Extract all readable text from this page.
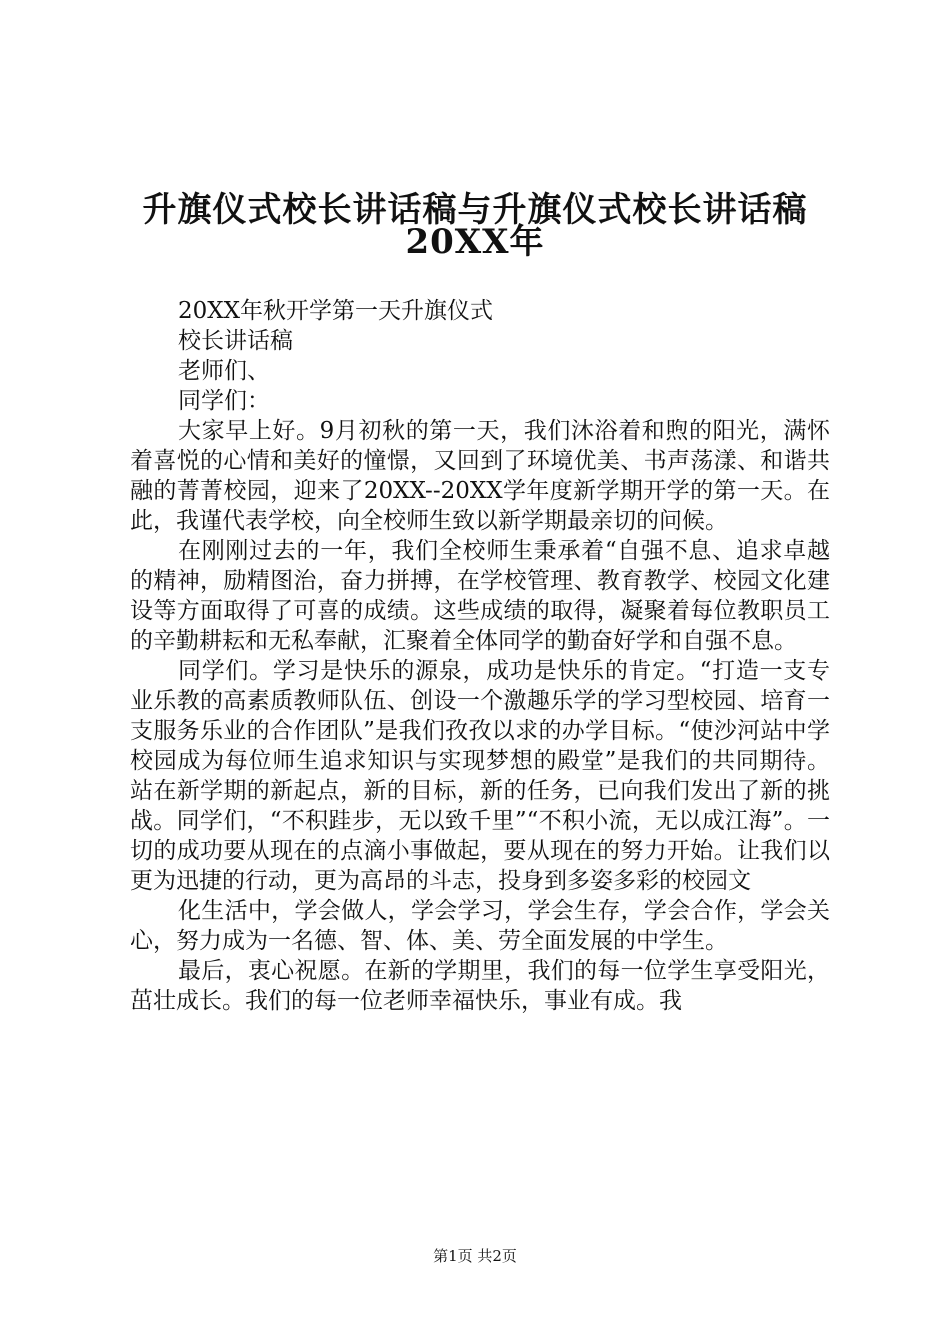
升旗仪式校长讲话稿与升旗仪式校长讲话稿
20XX年

20XX年秋开学第一天升旗仪式

校长讲话稿

老师们、

同学们：

大家早上好。9月初秋的第一天，我们沐浴着和煦的阳光，满怀着喜悦的心情和美好的憧憬，又回到了环境优美、书声荡漾、和谐共融的菁菁校园，迎来了20XX--20XX学年度新学期开学的第一天。在此，我谨代表学校，向全校师生致以新学期最亲切的问候。

在刚刚过去的一年，我们全校师生秉承着“自强不息、追求卓越的精神，励精图治，奋力拼搏，在学校管理、教育教学、校园文化建设等方面取得了可喜的成绩。这些成绩的取得，凝聚着每位教职员工的辛勤耕耘和无私奉献，汇聚着全体同学的勤奋好学和自强不息。

同学们。学习是快乐的源泉，成功是快乐的肯定。“打造一支专业乐教的高素质教师队伍、创设一个激趣乐学的学习型校园、培育一支服务乐业的合作团队”是我们孜孜以求的办学目标。“使沙河站中学校园成为每位师生追求知识与实现梦想的殿堂”是我们的共同期待。站在新学期的新起点，新的目标，新的任务，已向我们发出了新的挑战。同学们，“不积跬步，无以致千里”“不积小流，无以成江海”。一切的成功要从现在的点滴小事做起，要从现在的努力开始。让我们以更为迅捷的行动，更为高昂的斗志，投身到多姿多彩的校园文

化生活中，学会做人，学会学习，学会生存，学会合作，学会关心，努力成为一名德、智、体、美、劳全面发展的中学生。

最后，衷心祝愿。在新的学期里，我们的每一位学生享受阳光，茁壮成长。我们的每一位老师幸福快乐，事业有成。我

第1页 共2页
